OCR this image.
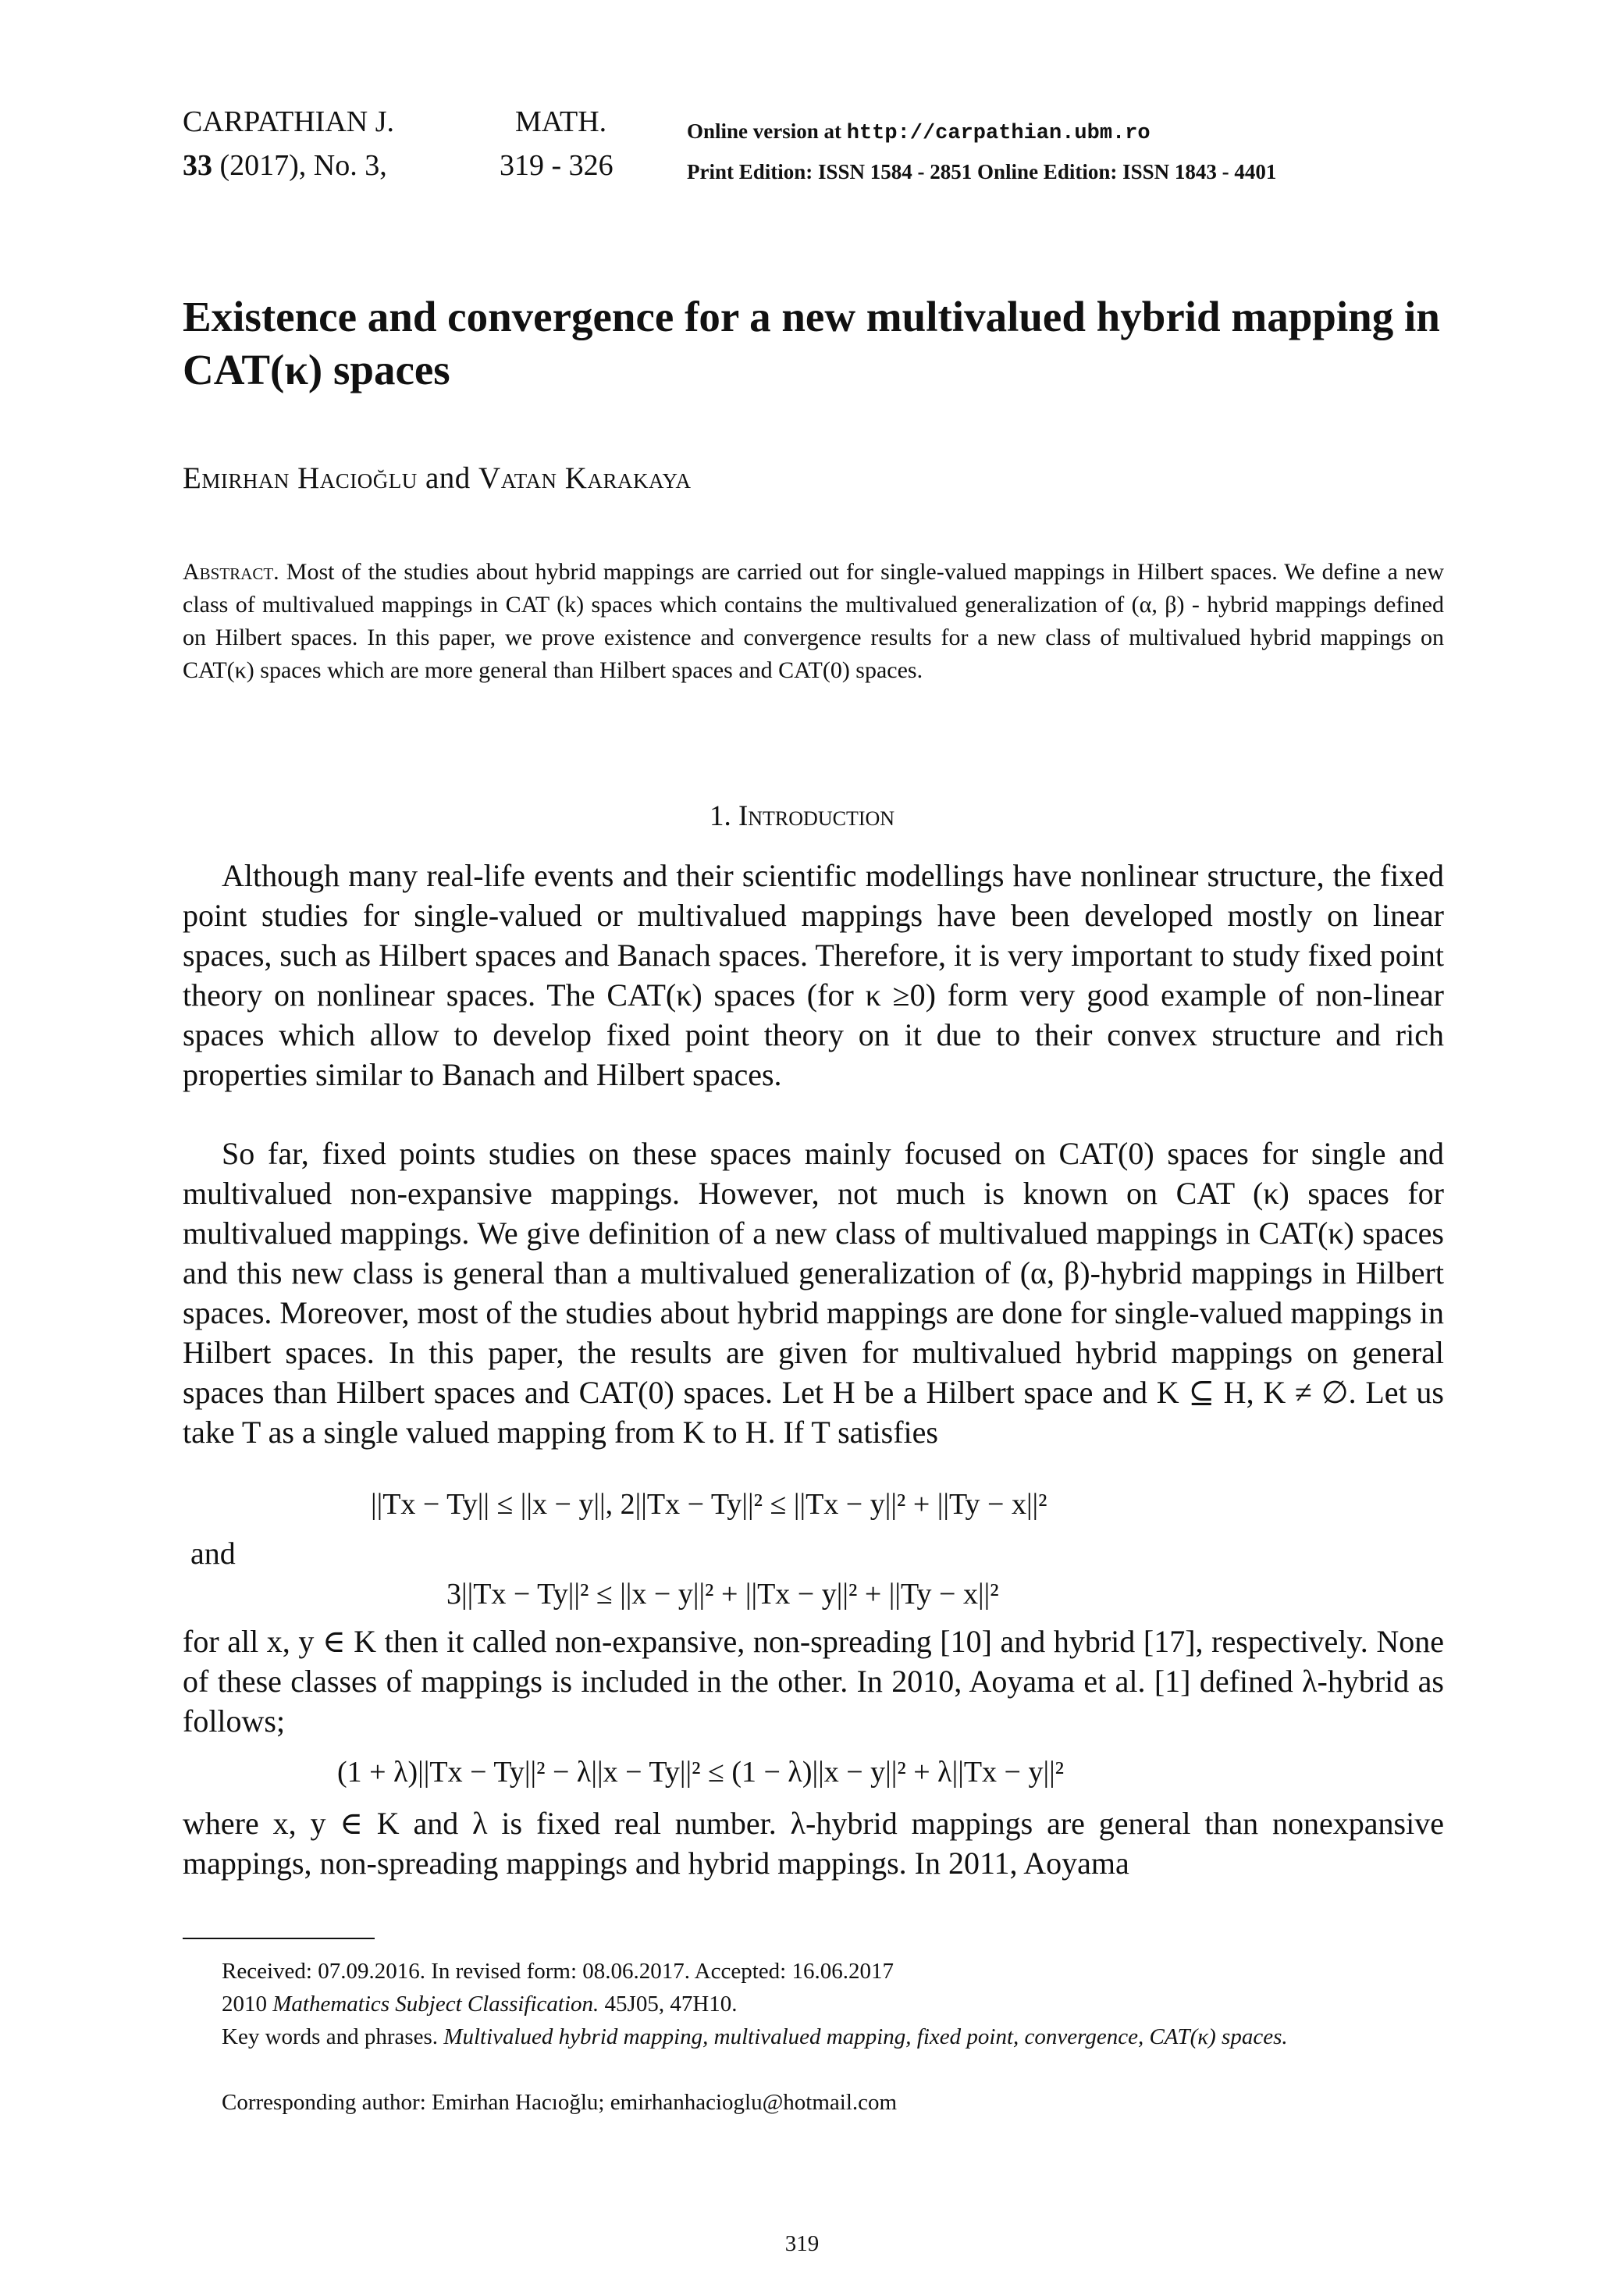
CARPATHIAN J.	MATH.
33 (2017), No. 3,	319 - 326
Online version at http://carpathian.ubm.ro
Print Edition: ISSN 1584 - 2851 Online Edition: ISSN 1843 - 4401
Existence and convergence for a new multivalued hybrid mapping in CAT(κ) spaces
Emirhan Hacioğlu and Vatan Karakaya

Abstract. Most of the studies about hybrid mappings are carried out for single-valued mappings in Hilbert spaces. We define a new class of multivalued mappings in CAT (k) spaces which contains the multivalued generalization of (α, β) - hybrid mappings defined on Hilbert spaces. In this paper, we prove existence and convergence results for a new class of multivalued hybrid mappings on CAT(κ) spaces which are more general than Hilbert spaces and CAT(0) spaces.

1. Introduction

Although many real-life events and their scientific modellings have nonlinear structure, the fixed point studies for single-valued or multivalued mappings have been developed mostly on linear spaces, such as Hilbert spaces and Banach spaces. Therefore, it is very important to study fixed point theory on nonlinear spaces. The CAT(κ) spaces (for κ ≥0) form very good example of non-linear spaces which allow to develop fixed point theory on it due to their convex structure and rich properties similar to Banach and Hilbert spaces.

So far, fixed points studies on these spaces mainly focused on CAT(0) spaces for single and multivalued non-expansive mappings. However, not much is known on CAT (κ) spaces for multivalued mappings. We give definition of a new class of multivalued mappings in CAT(κ) spaces and this new class is general than a multivalued generalization of (α, β)-hybrid mappings in Hilbert spaces. Moreover, most of the studies about hybrid mappings are done for single-valued mappings in Hilbert spaces. In this paper, the results are given for multivalued hybrid mappings on general spaces than Hilbert spaces and CAT(0) spaces. Let H be a Hilbert space and K ⊆ H, K ≠ ∅. Let us take T as a single valued mapping from K to H. If T satisfies

||Tx − Ty|| ≤ ||x − y||, 2||Tx − Ty||² ≤ ||Tx − y||² + ||Ty − x||²
and
3||Tx − Ty||² ≤ ||x − y||² + ||Tx − y||² + ||Ty − x||²

for all x, y ∈ K then it called non-expansive, non-spreading [10] and hybrid [17], respectively. None of these classes of mappings is included in the other. In 2010, Aoyama et al. [1] defined λ-hybrid as follows;

(1 + λ)||Tx − Ty||² − λ||x − Ty||² ≤ (1 − λ)||x − y||² + λ||Tx − y||²

where x, y ∈ K and λ is fixed real number. λ-hybrid mappings are general than nonexpansive mappings, non-spreading mappings and hybrid mappings. In 2011, Aoyama

Received: 07.09.2016. In revised form: 08.06.2017. Accepted: 16.06.2017

2010 Mathematics Subject Classification. 45J05, 47H10.

Key words and phrases. Multivalued hybrid mapping, multivalued mapping, fixed point, convergence, CAT(κ) spaces.

Corresponding author: Emirhan Hacıoğlu; emirhanhacioglu@hotmail.com

319
